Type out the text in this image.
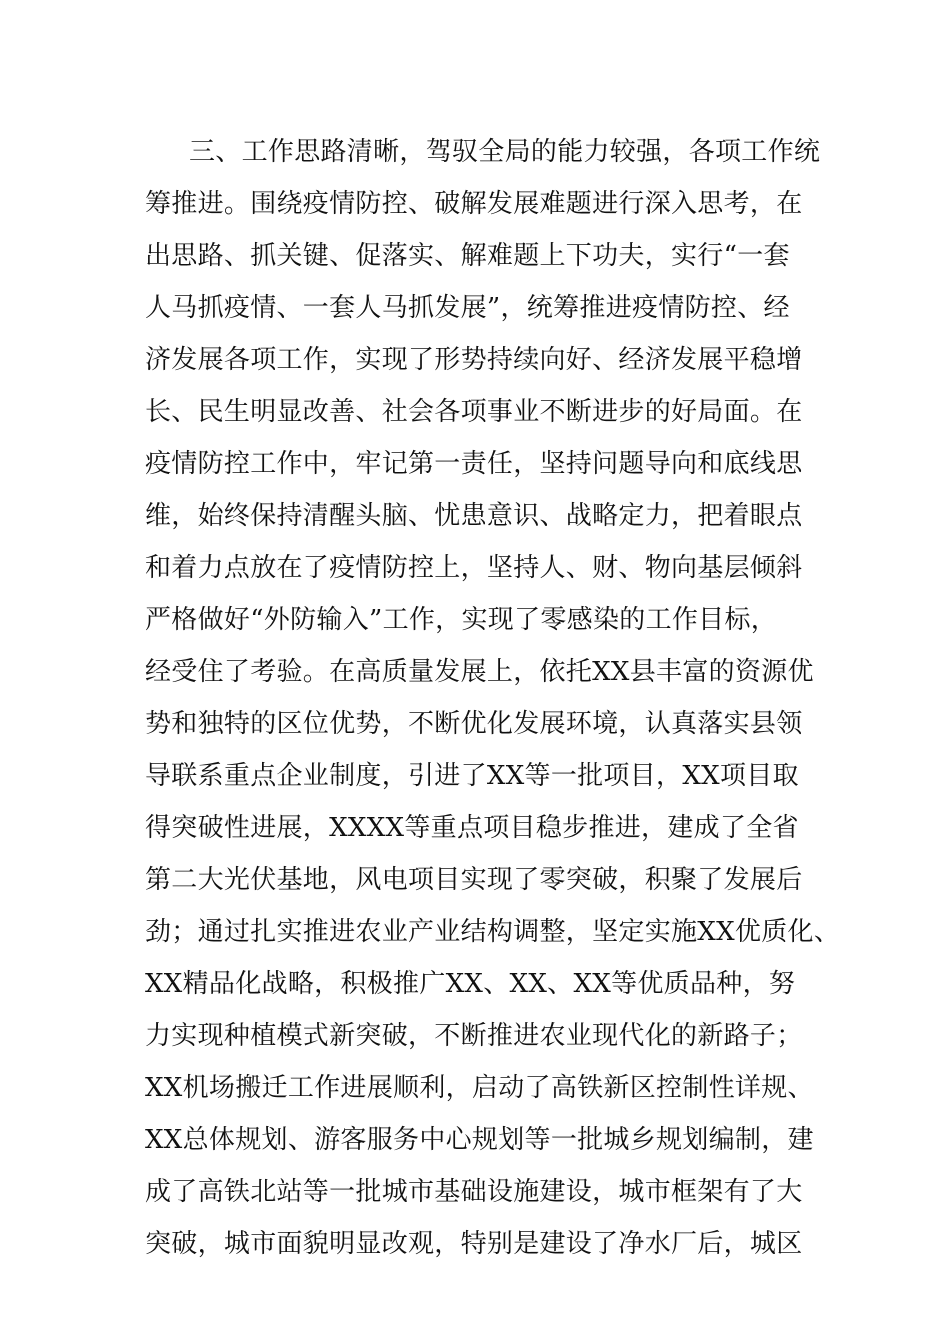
三、工作思路清晰，驾驭全局的能力较强，各项工作统
筹推进。围绕疫情防控、破解发展难题进行深入思考，在
出思路、抓关键、促落实、解难题上下功夫，实行“一套
人马抓疫情、一套人马抓发展”，统筹推进疫情防控、经
济发展各项工作，实现了形势持续向好、经济发展平稳增
长、民生明显改善、社会各项事业不断进步的好局面。在
疫情防控工作中，牢记第一责任，坚持问题导向和底线思
维，始终保持清醒头脑、忧患意识、战略定力，把着眼点
和着力点放在了疫情防控上，坚持人、财、物向基层倾斜
严格做好“外防输入”工作，实现了零感染的工作目标，
经受住了考验。在高质量发展上，依托XX县丰富的资源优
势和独特的区位优势，不断优化发展环境，认真落实县领
导联系重点企业制度，引进了XX等一批项目，XX项目取
得突破性进展，XXXX等重点项目稳步推进，建成了全省
第二大光伏基地，风电项目实现了零突破，积聚了发展后
劲；通过扎实推进农业产业结构调整，坚定实施XX优质化、
XX精品化战略，积极推广XX、XX、XX等优质品种，努
力实现种植模式新突破，不断推进农业现代化的新路子；
XX机场搬迁工作进展顺利，启动了高铁新区控制性详规、
XX总体规划、游客服务中心规划等一批城乡规划编制，建
成了高铁北站等一批城市基础设施建设，城市框架有了大
突破，城市面貌明显改观，特别是建设了净水厂后，城区
